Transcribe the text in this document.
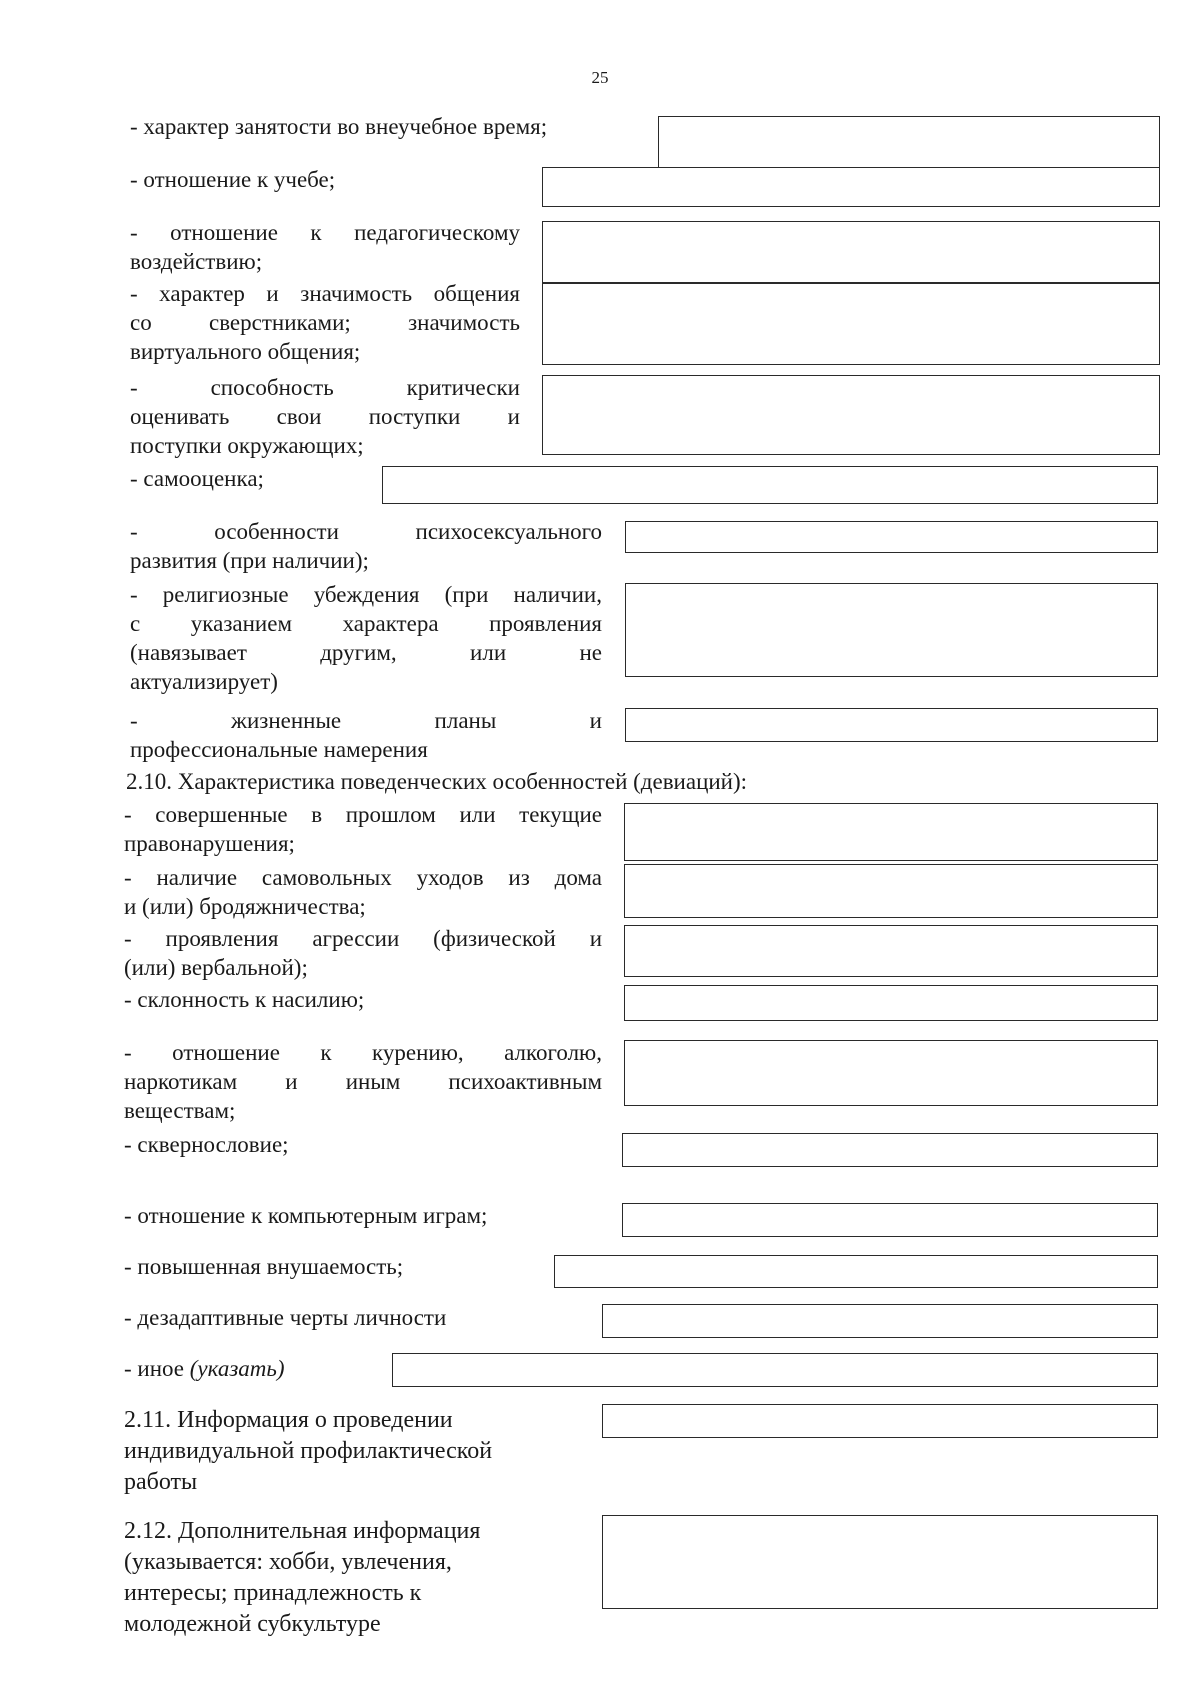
25
- характер занятости во внеучебное время;
- отношение к учебе;
- отношение к педагогическому
воздействию;
- характер и значимость общения
со сверстниками; значимость
виртуального общения;
- способность критически
оценивать свои поступки и
поступки окружающих;
- самооценка;
- особенности психосексуального
развития (при наличии);
- религиозные убеждения (при наличии,
с указанием характера проявления
(навязывает другим, или не
актуализирует)
- жизненные планы и
профессиональные намерения
2.10. Характеристика поведенческих особенностей (девиаций):
- совершенные в прошлом или текущие
правонарушения;
- наличие самовольных уходов из дома
и (или) бродяжничества;
- проявления агрессии (физической и
(или) вербальной);
- склонность к насилию;
- отношение к курению, алкоголю,
наркотикам и иным психоактивным
веществам;
- сквернословие;
- отношение к компьютерным играм;
- повышенная внушаемость;
- дезадаптивные черты личности
- иное (указать)
2.11. Информация о проведении
индивидуальной профилактической
работы
2.12. Дополнительная информация
(указывается: хобби, увлечения,
интересы; принадлежность к
молодежной субкультуре
